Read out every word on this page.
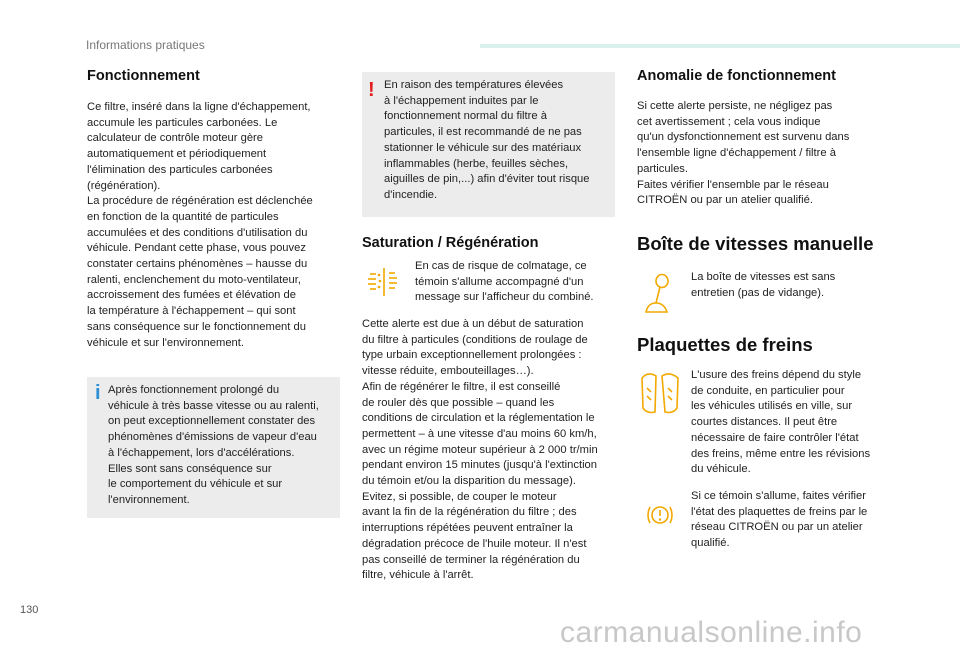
Informations pratiques

Fonctionnement

Ce filtre, inséré dans la ligne d'échappement,
accumule les particules carbonées. Le
calculateur de contrôle moteur gère
automatiquement et périodiquement
l'élimination des particules carbonées
(régénération).
La procédure de régénération est déclenchée
en fonction de la quantité de particules
accumulées et des conditions d'utilisation du
véhicule. Pendant cette phase, vous pouvez
constater certains phénomènes – hausse du
ralenti, enclenchement du moto-ventilateur,
accroissement des fumées et élévation de
la température à l'échappement – qui sont
sans conséquence sur le fonctionnement du
véhicule et sur l'environnement.

i Après fonctionnement prolongé du
véhicule à très basse vitesse ou au ralenti,
on peut exceptionnellement constater des
phénomènes d'émissions de vapeur d'eau
à l'échappement, lors d'accélérations.
Elles sont sans conséquence sur
le comportement du véhicule et sur
l'environnement.

! En raison des températures élevées
à l'échappement induites par le
fonctionnement normal du filtre à
particules, il est recommandé de ne pas
stationner le véhicule sur des matériaux
inflammables (herbe, feuilles sèches,
aiguilles de pin,...) afin d'éviter tout risque
d'incendie.

Saturation / Régénération

En cas de risque de colmatage, ce
témoin s'allume accompagné d'un
message sur l'afficheur du combiné.

Cette alerte est due à un début de saturation
du filtre à particules (conditions de roulage de
type urbain exceptionnellement prolongées :
vitesse réduite, embouteillages…).
Afin de régénérer le filtre, il est conseillé
de rouler dès que possible – quand les
conditions de circulation et la réglementation le
permettent – à une vitesse d'au moins 60 km/h,
avec un régime moteur supérieur à 2 000 tr/min
pendant environ 15 minutes (jusqu'à l'extinction
du témoin et/ou la disparition du message).
Evitez, si possible, de couper le moteur
avant la fin de la régénération du filtre ; des
interruptions répétées peuvent entraîner la
dégradation précoce de l'huile moteur. Il n'est
pas conseillé de terminer la régénération du
filtre, véhicule à l'arrêt.

Anomalie de fonctionnement

Si cette alerte persiste, ne négligez pas
cet avertissement ; cela vous indique
qu'un dysfonctionnement est survenu dans
l'ensemble ligne d'échappement / filtre à
particules.
Faites vérifier l'ensemble par le réseau
CITROËN ou par un atelier qualifié.

Boîte de vitesses manuelle

La boîte de vitesses est sans
entretien (pas de vidange).

Plaquettes de freins

L'usure des freins dépend du style
de conduite, en particulier pour
les véhicules utilisés en ville, sur
courtes distances. Il peut être
nécessaire de faire contrôler l'état
des freins, même entre les révisions
du véhicule.

Si ce témoin s'allume, faites vérifier
l'état des plaquettes de freins par le
réseau CITROËN ou par un atelier
qualifié.

130
carmanualsonline.info
